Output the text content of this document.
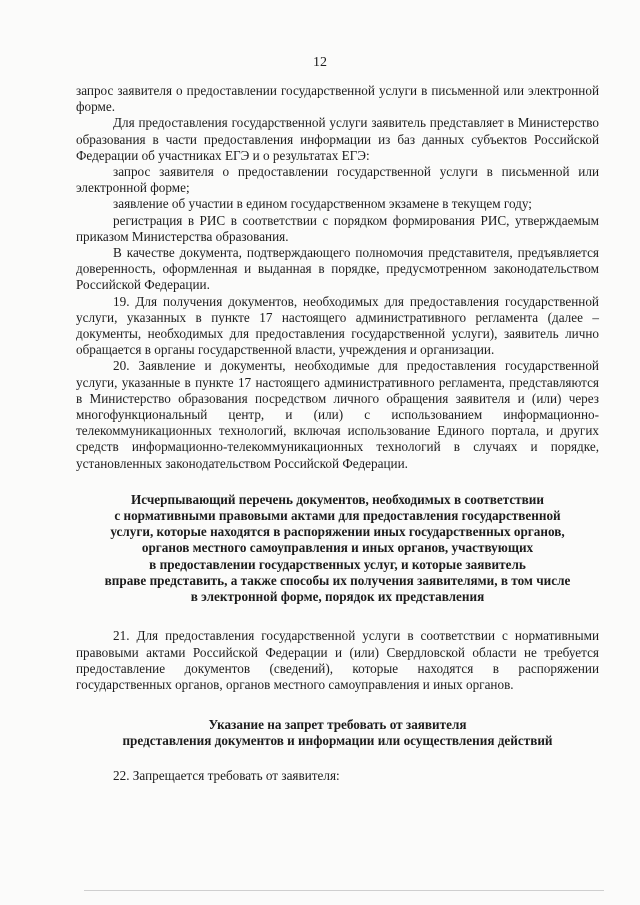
12

запрос заявителя о предоставлении государственной услуги в письменной или электронной форме.

Для предоставления государственной услуги заявитель представляет в Министерство образования в части предоставления информации из баз данных субъектов Российской Федерации об участниках ЕГЭ и о результатах ЕГЭ:

запрос заявителя о предоставлении государственной услуги в письменной или электронной форме;

заявление об участии в едином государственном экзамене в текущем году;

регистрация в РИС в соответствии с порядком формирования РИС, утверждаемым приказом Министерства образования.

В качестве документа, подтверждающего полномочия представителя, предъявляется доверенность, оформленная и выданная в порядке, предусмотренном законодательством Российской Федерации.

19. Для получения документов, необходимых для предоставления государственной услуги, указанных в пункте 17 настоящего административного регламента (далее – документы, необходимых для предоставления государственной услуги), заявитель лично обращается в органы государственной власти, учреждения и организации.

20. Заявление и документы, необходимые для предоставления государственной услуги, указанные в пункте 17 настоящего административного регламента, представляются в Министерство образования посредством личного обращения заявителя и (или) через многофункциональный центр, и (или) с использованием информационно-телекоммуникационных технологий, включая использование Единого портала, и других средств информационно-телекоммуникационных технологий в случаях и порядке, установленных законодательством Российской Федерации.

Исчерпывающий перечень документов, необходимых в соответствии

с нормативными правовыми актами для предоставления государственной

услуги, которые находятся в распоряжении иных государственных органов,

органов местного самоуправления и иных органов, участвующих

в предоставлении государственных услуг, и которые заявитель

вправе представить, а также способы их получения заявителями, в том числе

в электронной форме, порядок их представления

21. Для предоставления государственной услуги в соответствии с нормативными правовыми актами Российской Федерации и (или) Свердловской области не требуется предоставление документов (сведений), которые находятся в распоряжении государственных органов, органов местного самоуправления и иных органов.

Указание на запрет требовать от заявителя

представления документов и информации или осуществления действий

22. Запрещается требовать от заявителя:
